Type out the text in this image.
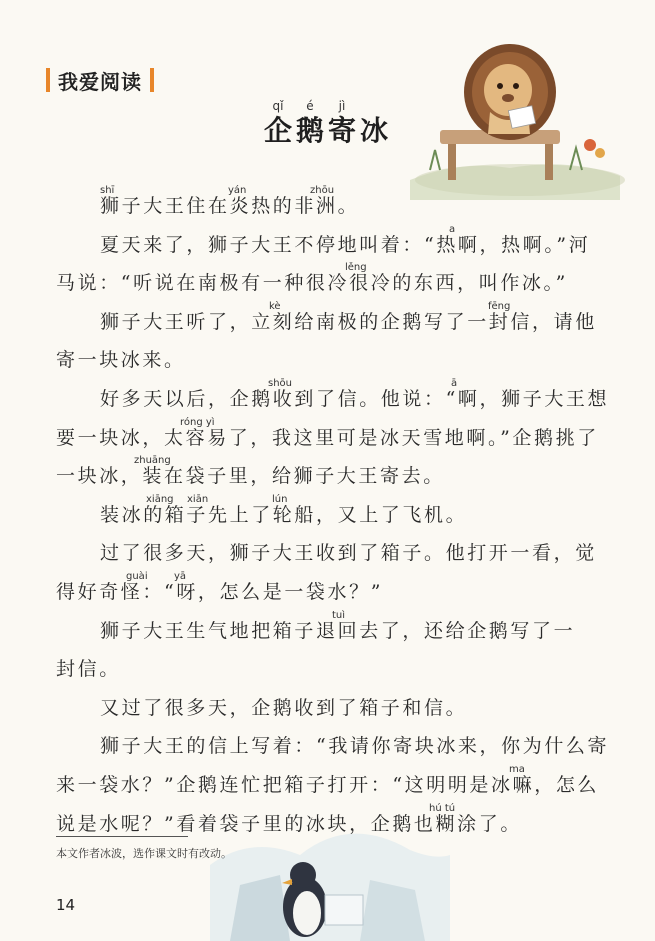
我爱阅读
qǐ
企
é
鹅
jì
寄 冰
狮子大王住在炎热的非洲。
shī	yán	zhōu
夏天来了，狮子大王不停地叫着：“热啊，热啊。”河
a
马说：“听说在南极有一种很冷很冷的东西，叫作冰。”
lěng
狮子大王听了，立刻给南极的企鹅写了一封信，请他
kè	fēng
寄一块冰来。
好多天以后，企鹅收到了信。他说：“啊，狮子大王想
shōu	ā
要一块冰，太容易了，我这里可是冰天雪地啊。”企鹅挑了
róng yì
一块冰，装在袋子里，给狮子大王寄去。
zhuāng
装冰的箱子先上了轮船，又上了飞机。
xiāng xiān	lún
过了很多天，狮子大王收到了箱子。他打开一看，觉
得好奇怪：“呀，怎么是一袋水？”
guài	yā
狮子大王生气地把箱子退回去了，还给企鹅写了一
tuì
封信。
又过了很多天，企鹅收到了箱子和信。
狮子大王的信上写着：“我请你寄块冰来，你为什么寄
来一袋水？”企鹅连忙把箱子打开：“这明明是冰嘛，怎么
ma
说是水呢？”看着袋子里的冰块，企鹅也糊涂了。
hú tú
本文作者冰波，选作课文时有改动。
14
